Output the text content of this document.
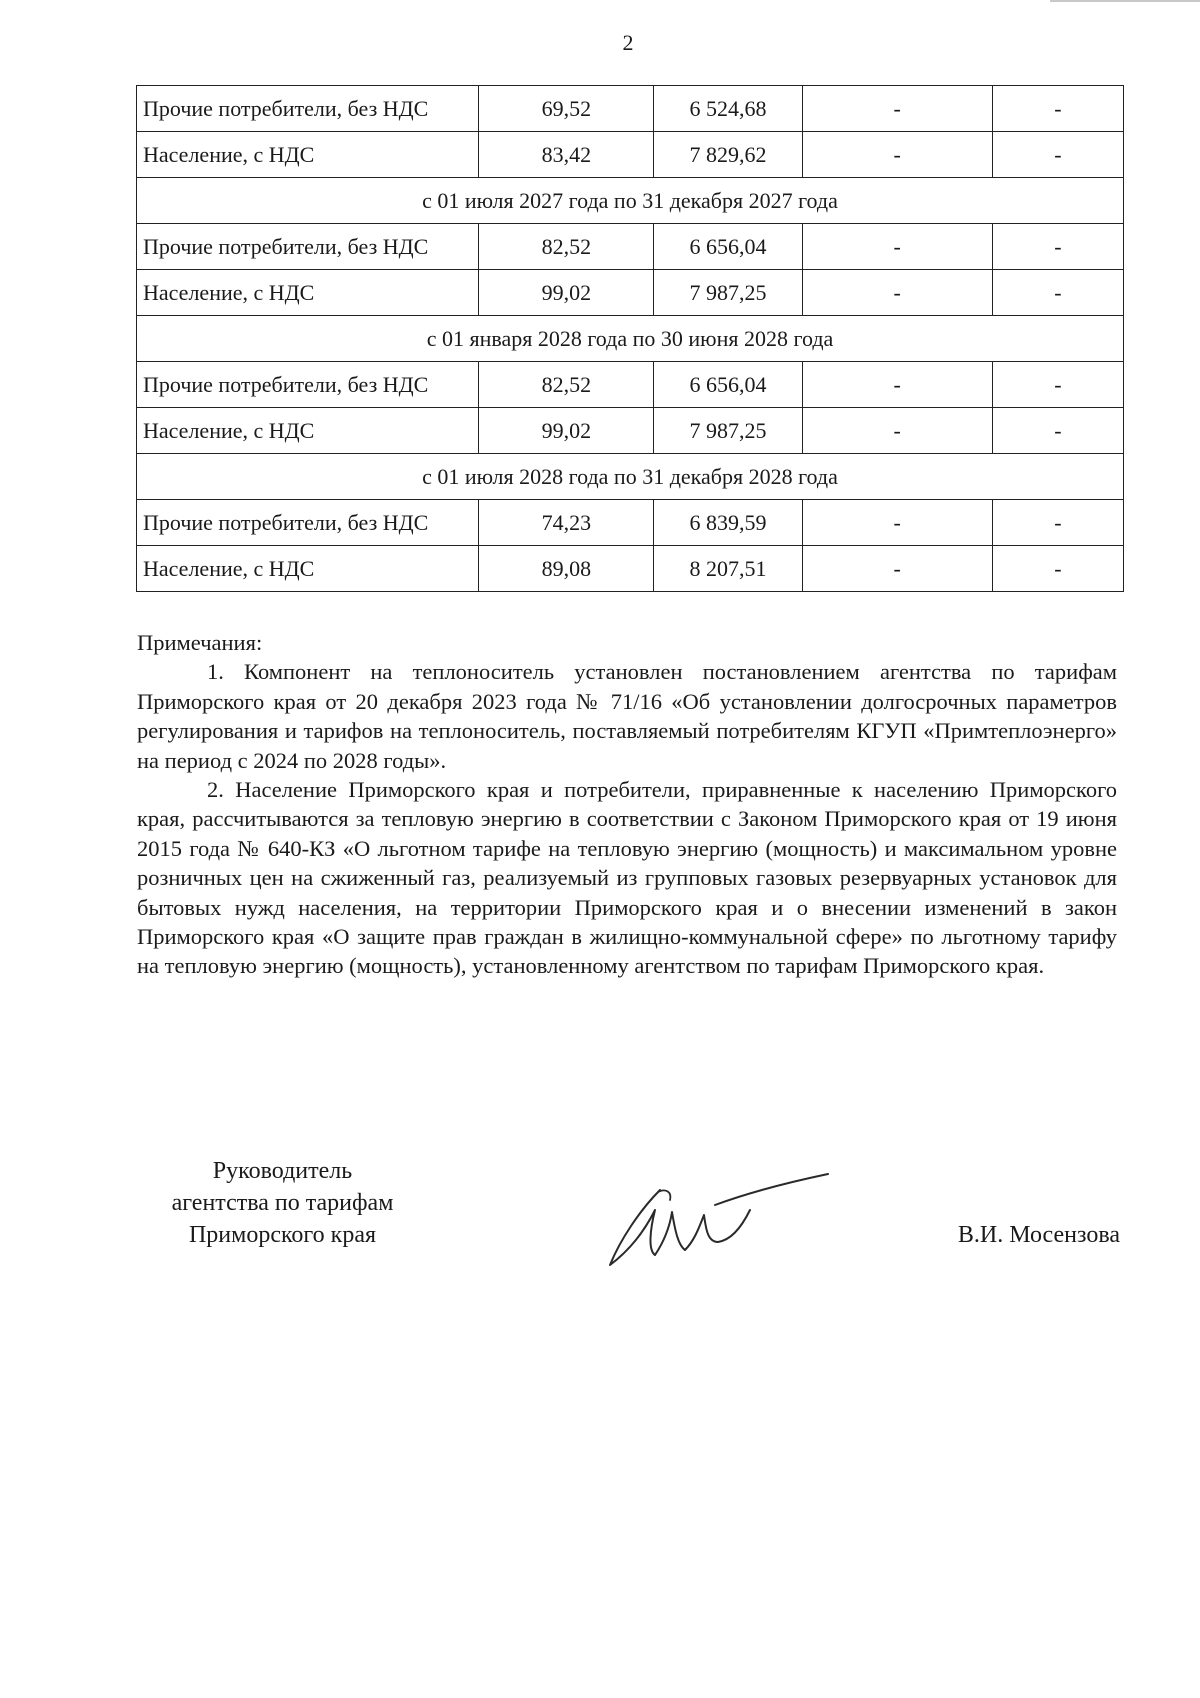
2
Прочие потребители, без НДС	69,52	6 524,68	-	-
Население, с НДС	83,42	7 829,62	-	-
с 01 июля 2027 года по 31 декабря 2027 года				
Прочие потребители, без НДС	82,52	6 656,04	-	-
Население, с НДС	99,02	7 987,25	-	-
с 01 января 2028 года по 30 июня 2028 года				
Прочие потребители, без НДС	82,52	6 656,04	-	-
Население, с НДС	99,02	7 987,25	-	-
с 01 июля 2028 года по 31 декабря 2028 года				
Прочие потребители, без НДС	74,23	6 839,59	-	-
Население, с НДС	89,08	8 207,51	-	-

Примечания:

1. Компонент на теплоноситель установлен постановлением агентства по тарифам Приморского края от 20 декабря 2023 года № 71/16 «Об установлении долгосрочных параметров регулирования и тарифов на теплоноситель, поставляемый потребителям КГУП «Примтеплоэнерго» на период с 2024 по 2028 годы».

2. Население Приморского края и потребители, приравненные к населению Приморского края, рассчитываются за тепловую энергию в соответствии с Законом Приморского края от 19 июня 2015 года № 640-КЗ «О льготном тарифе на тепловую энергию (мощность) и максимальном уровне розничных цен на сжиженный газ, реализуемый из групповых газовых резервуарных установок для бытовых нужд населения, на территории Приморского края и о внесении изменений в закон Приморского края «О защите прав граждан в жилищно-коммунальной сфере» по льготному тарифу на тепловую энергию (мощность), установленному агентством по тарифам Приморского края.

Руководитель
агентства по тарифам
Приморского края	В.И. Мосензова
